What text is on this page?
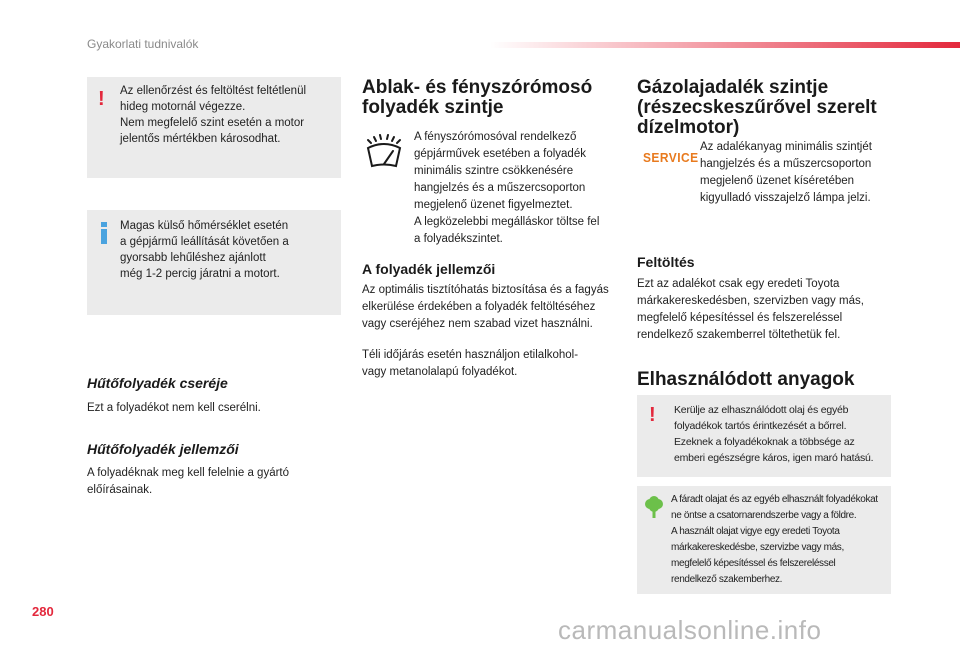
Gyakorlati tudnivalók
! Az ellenőrzést és feltöltést feltétlenül
hideg motornál végezze.
Nem megfelelő szint esetén a motor
jelentős mértékben károsodhat.
Magas külső hőmérséklet esetén
a gépjármű leállítását követően a
gyorsabb lehűléshez ajánlott
még 1-2 percig járatni a motort.
Hűtőfolyadék cseréje
Ezt a folyadékot nem kell cserélni.
Hűtőfolyadék jellemzői
A folyadéknak meg kell felelnie a gyártó
előírásainak.
Ablak- és fényszórómosó
folyadék szintje
A fényszórómosóval rendelkező
gépjárművek esetében a folyadék
minimális szintre csökkenésére
hangjelzés és a műszercsoporton
megjelenő üzenet figyelmeztet.
A legközelebbi megálláskor töltse fel
a folyadékszintet.
A folyadék jellemzői
Az optimális tisztítóhatás biztosítása és a fagyás
elkerülése érdekében a folyadék feltöltéséhez
vagy cseréjéhez nem szabad vizet használni.
Téli időjárás esetén használjon etilalkohol-
vagy metanolalapú folyadékot.
Gázolajadalék szintje
(részecskeszűrővel szerelt
dízelmotor)
SERVICE
Az adalékanyag minimális szintjét
hangjelzés és a műszercsoporton
megjelenő üzenet kíséretében
kigyulladó visszajelző lámpa jelzi.
Feltöltés
Ezt az adalékot csak egy eredeti Toyota
márkakereskedésben, szervizben vagy más,
megfelelő képesítéssel és felszereléssel
rendelkező szakemberrel töltethetük fel.
Elhasználódott anyagok
! Kerülje az elhasználódott olaj és egyéb
folyadékok tartós érintkezését a bőrrel.
Ezeknek a folyadékoknak a többsége az
emberi egészségre káros, igen maró hatású.
A fáradt olajat és az egyéb elhasznált folyadékokat
ne öntse a csatornarendszerbe vagy a földre.
A használt olajat vigye egy eredeti Toyota
márkakereskedésbe, szervizbe vagy más,
megfelelő képesítéssel és felszereléssel
rendelkező szakemberhez.
280
carmanualsonline.info
